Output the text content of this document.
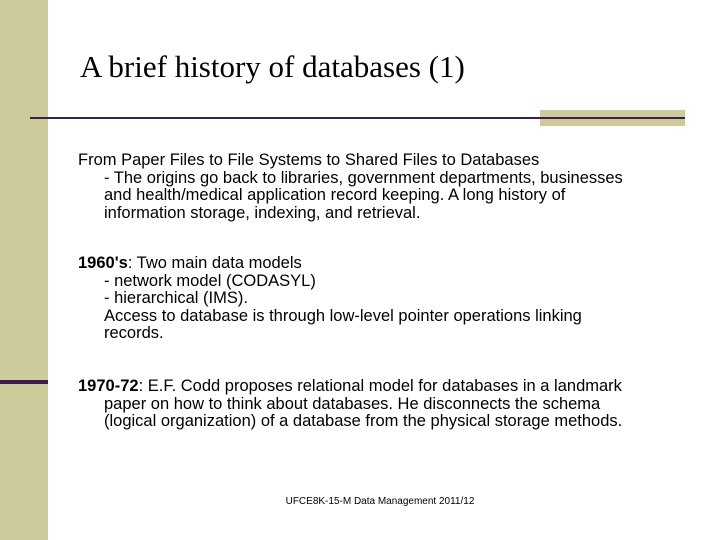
A brief history of databases (1)
From Paper Files to File Systems to Shared Files to Databases
- The origins go back to libraries, government departments, businesses
and health/medical application record keeping. A long history of
information storage, indexing, and retrieval.
1960's: Two main data models
- network model (CODASYL)
- hierarchical (IMS).
Access to database is through low-level pointer operations linking
records.
1970-72: E.F. Codd proposes relational model for databases in a landmark
paper on how to think about databases. He disconnects the schema
(logical organization) of a database from the physical storage methods.
UFCE8K-15-M Data Management 2011/12
